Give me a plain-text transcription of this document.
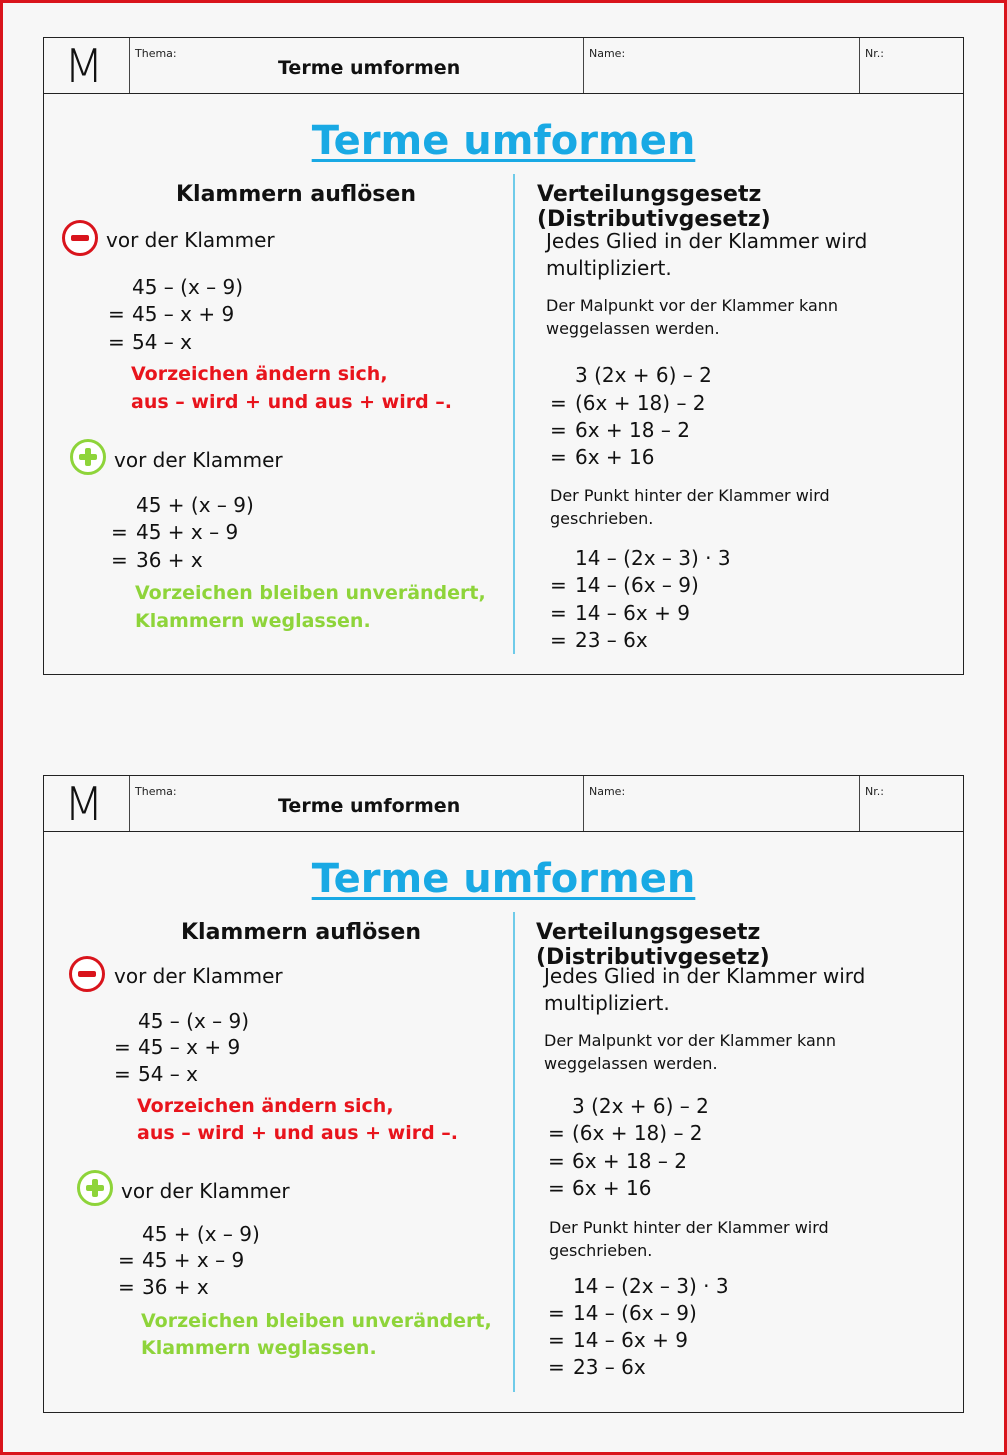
M	Thema:
Terme umformen
Name:	Nr.:
Terme umformen
Klammern auflösen
vor der Klammer
45 – (x – 9)
= 45 – x + 9
= 54 – x
Vorzeichen ändern sich,
aus – wird + und aus + wird –.
vor der Klammer
45 + (x – 9)
= 45 + x – 9
= 36 + x
Vorzeichen bleiben unverändert,
Klammern weglassen.
Verteilungsgesetz (Distributivgesetz)
Jedes Glied in der Klammer wird multipliziert.
Der Malpunkt vor der Klammer kann weggelassen werden.
3 (2x + 6) – 2
= (6x + 18) – 2
= 6x + 18 – 2
= 6x + 16
Der Punkt hinter der Klammer wird geschrieben.
14 – (2x – 3) · 3
= 14 – (6x – 9)
= 14 – 6x + 9
= 23 – 6x
M	Thema:
Terme umformen
Name:	Nr.:
Terme umformen
Klammern auflösen
vor der Klammer
45 – (x – 9)
= 45 – x + 9
= 54 – x
Vorzeichen ändern sich,
aus – wird + und aus + wird –.
vor der Klammer
45 + (x – 9)
= 45 + x – 9
= 36 + x
Vorzeichen bleiben unverändert,
Klammern weglassen.
Verteilungsgesetz (Distributivgesetz)
Jedes Glied in der Klammer wird multipliziert.
Der Malpunkt vor der Klammer kann weggelassen werden.
3 (2x + 6) – 2
= (6x + 18) – 2
= 6x + 18 – 2
= 6x + 16
Der Punkt hinter der Klammer wird geschrieben.
14 – (2x – 3) · 3
= 14 – (6x – 9)
= 14 – 6x + 9
= 23 – 6x
